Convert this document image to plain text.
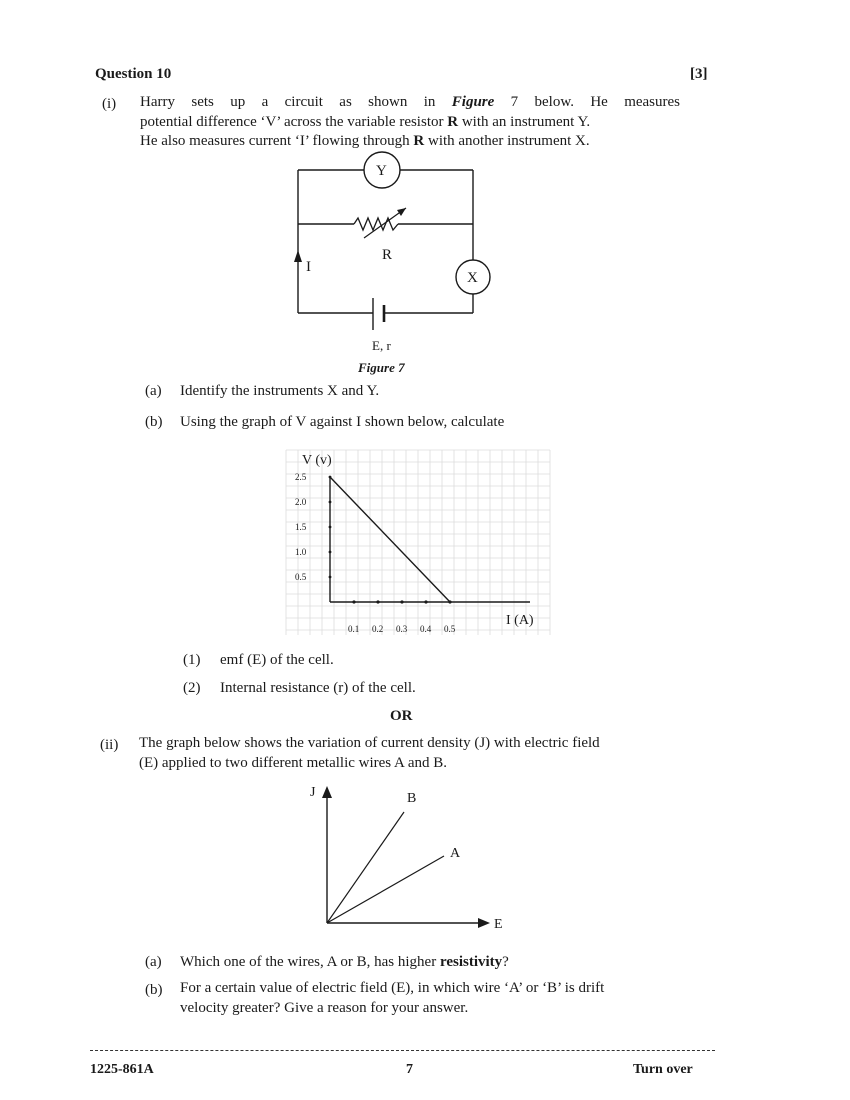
Question 10	[3]
(i) Harry sets up a circuit as shown in Figure 7 below. He measures
potential difference ‘V’ across the variable resistor R with an instrument Y.
He also measures current ‘I’ flowing through R with another instrument X.
Y
X
R
I
E, r
Figure 7
(a) Identify the instruments X and Y.
(b) Using the graph of V against I shown below, calculate
2.5
2.0
1.5
1.0
0.5
0.1 0.2 0.3 0.4 0.5
V (v)
I (A)
(1) emf (E) of the cell.
(2) Internal resistance (r) of the cell.
OR
(ii) The graph below shows the variation of current density (J) with electric field
(E) applied to two different metallic wires A and B.
J
E
B
A
(a) Which one of the wires, A or B, has higher resistivity?
(b) For a certain value of electric field (E), in which wire ‘A’ or ‘B’ is drift
velocity greater? Give a reason for your answer.
1225-861A	7	Turn over
